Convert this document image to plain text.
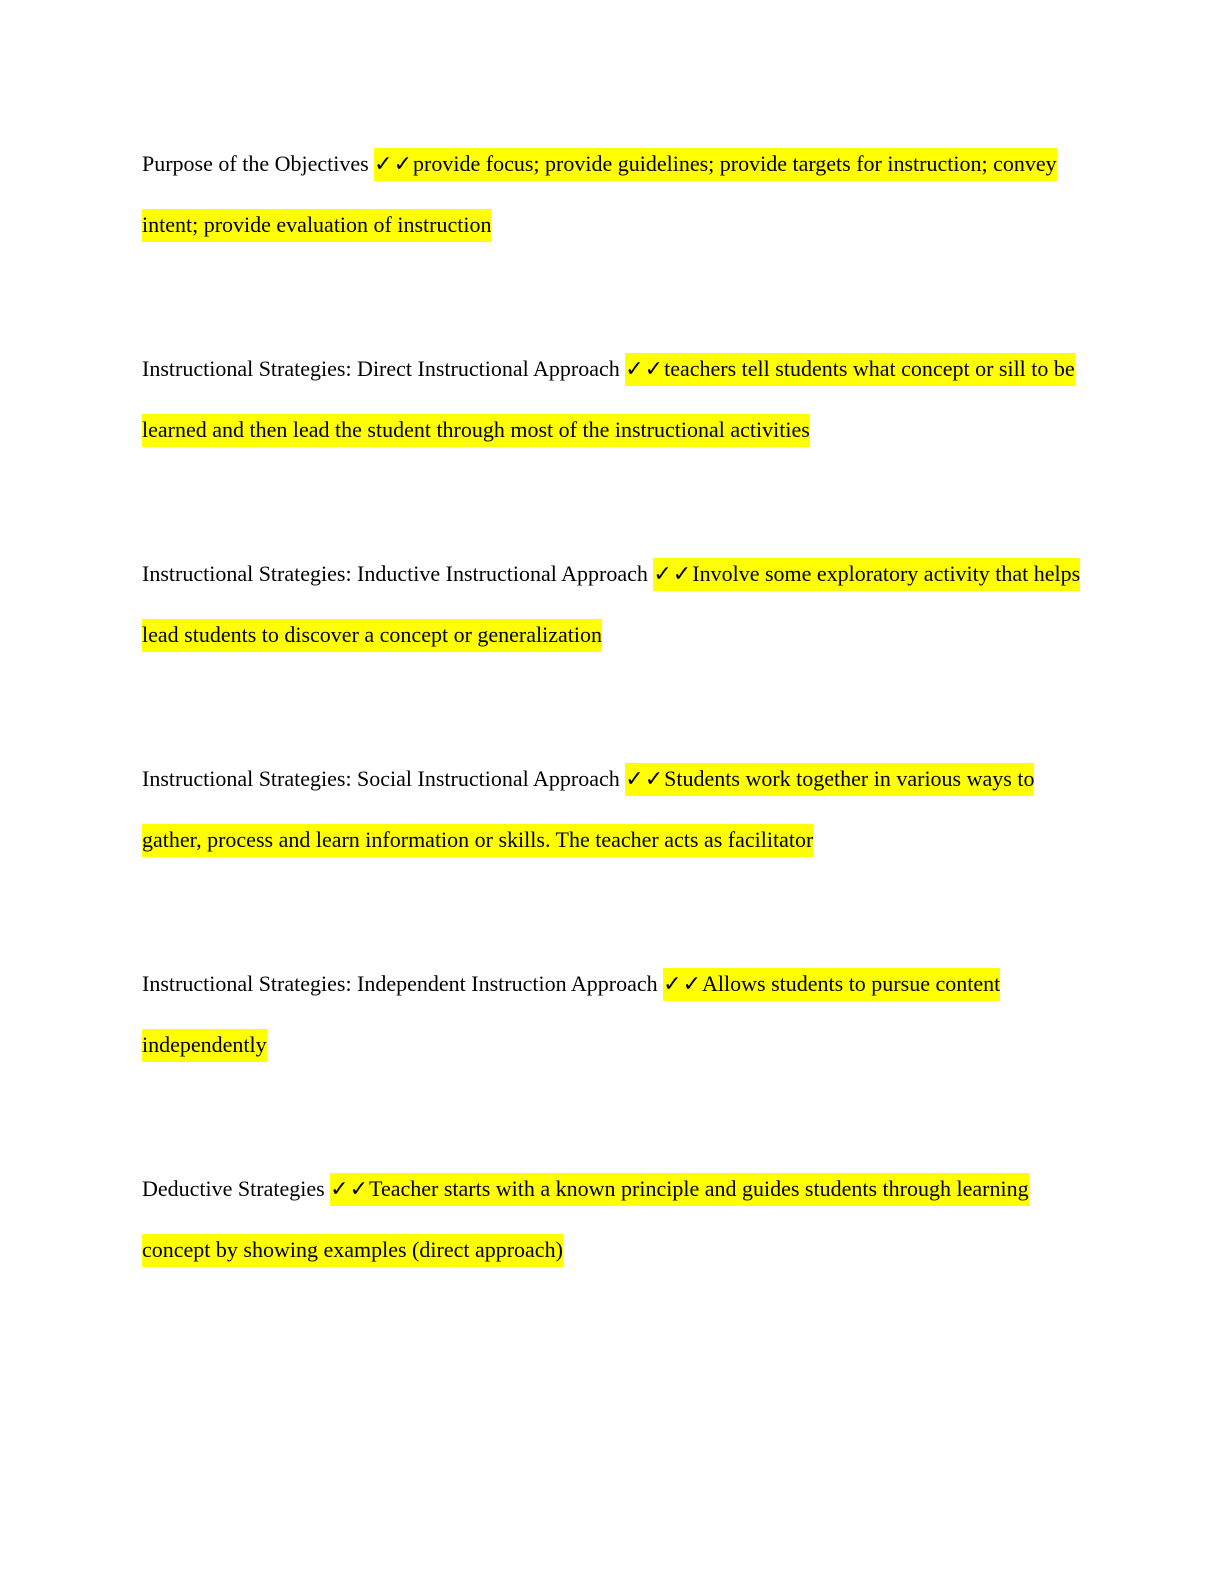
Purpose of the Objectives ✓✓provide focus; provide guidelines; provide targets for instruction; convey intent; provide evaluation of instruction

Instructional Strategies: Direct Instructional Approach ✓✓teachers tell students what concept or sill to be learned and then lead the student through most of the instructional activities

Instructional Strategies: Inductive Instructional Approach ✓✓Involve some exploratory activity that helps lead students to discover a concept or generalization

Instructional Strategies: Social Instructional Approach ✓✓Students work together in various ways to gather, process and learn information or skills. The teacher acts as facilitator

Instructional Strategies: Independent Instruction Approach ✓✓Allows students to pursue content independently

Deductive Strategies ✓✓Teacher starts with a known principle and guides students through learning concept by showing examples (direct approach)
